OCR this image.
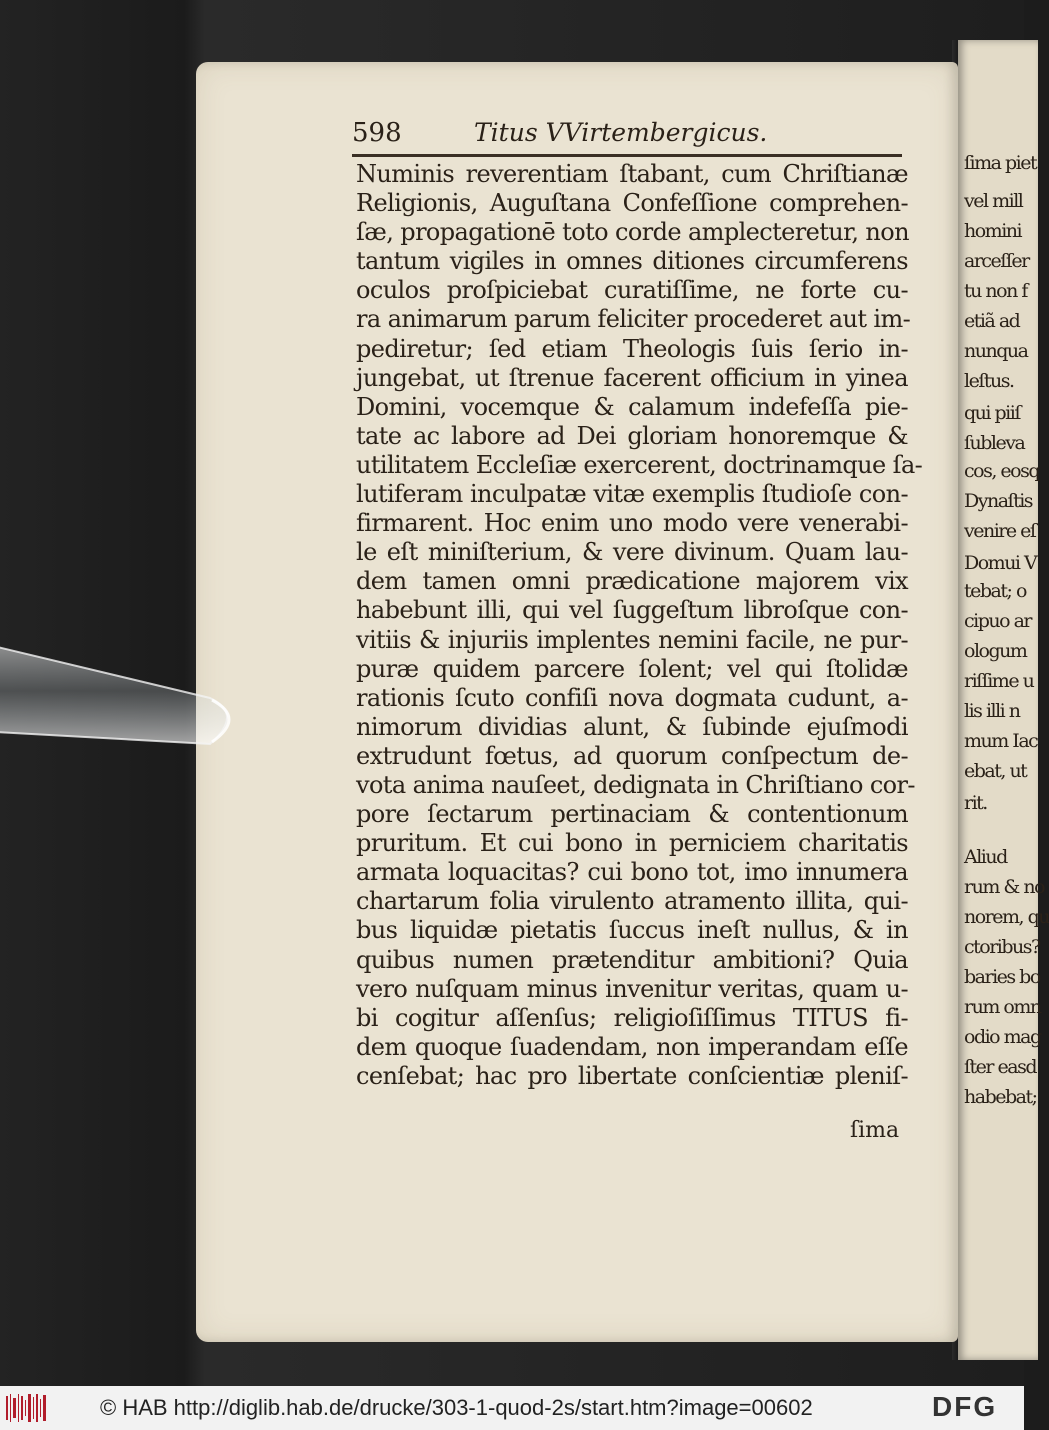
ſima piet

vel mill

homini

arceſſer

tu non f

etiã ad

nunqua

leſtus.

qui piiſ

ſubleva

cos, eosq

Dynaſtis

venire eſ

Domui V

tebat; o

cipuo ar

ologum

riſſime u

lis illi n

mum Iac

ebat, ut

rit.

Aliud

rum & no

norem, qu

ctoribus?

baries bo

rum omn

odio mag

ſter easd

habebat;

598	Titus VVirtembergicus.
Numinis reverentiam ſtabant, cum Chriſtianæ
Religionis, Auguſtana Confeſſione comprehen-
ſæ, propagationē toto corde amplecteretur, non
tantum vigiles in omnes ditiones circumferens
oculos proſpiciebat curatiſſime, ne forte cu-
ra animarum parum feliciter procederet aut im-
pediretur; ſed etiam Theologis ſuis ſerio in-
jungebat, ut ſtrenue facerent officium in yinea
Domini, vocemque & calamum indefeſſa pie-
tate ac labore ad Dei gloriam honoremque &
utilitatem Eccleſiæ exercerent, doctrinamque ſa-
lutiferam inculpatæ vitæ exemplis ſtudioſe con-
firmarent. Hoc enim uno modo vere venerabi-
le eſt miniſterium, & vere divinum. Quam lau-
dem tamen omni prædicatione majorem vix
habebunt illi, qui vel ſuggeſtum libroſque con-
vitiis & injuriis implentes nemini facile, ne pur-
puræ quidem parcere ſolent; vel qui ſtolidæ
rationis ſcuto confiſi nova dogmata cudunt, a-
nimorum dividias alunt, & ſubinde ejuſmodi
extrudunt fœtus, ad quorum conſpectum de-
vota anima nauſeet, dedignata in Chriſtiano cor-
pore ſectarum pertinaciam & contentionum
pruritum. Et cui bono in perniciem charitatis
armata loquacitas? cui bono tot, imo innumera
chartarum folia virulento atramento illita, qui-
bus liquidæ pietatis ſuccus ineſt nullus, & in
quibus numen prætenditur ambitioni? Quia
vero nuſquam minus invenitur veritas, quam u-
bi cogitur aſſenſus; religioſiſſimus TITUS fi-
dem quoque ſuadendam, non imperandam eſſe
cenſebat; hac pro libertate conſcientiæ pleniſ-
ſima
© HAB http://diglib.hab.de/drucke/303-1-quod-2s/start.htm?image=00602	DFG
